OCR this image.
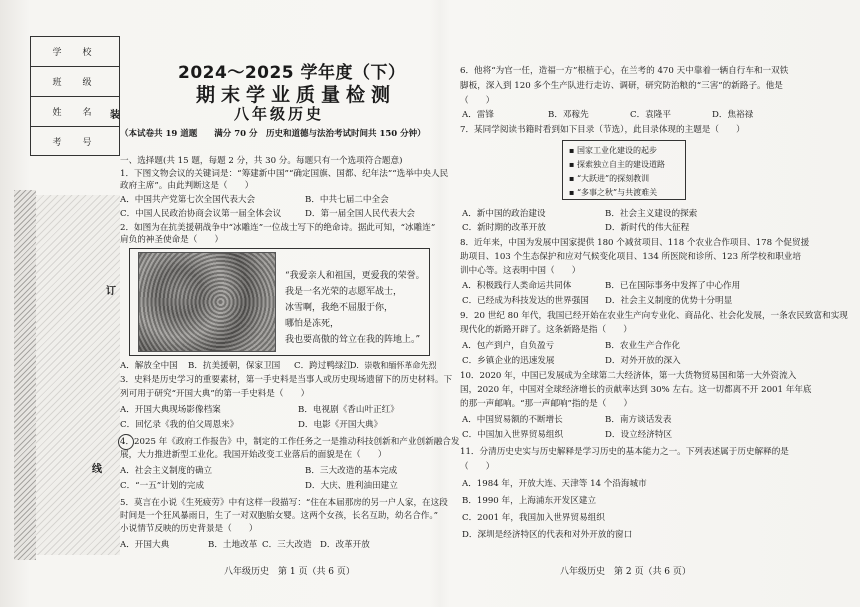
学　校
班　级
姓　名
考　号
装
订
线
2024～2025 学年度（下）
期末学业质量检测
八年级历史
（本试卷共 19 道题　　满分 70 分　历史和道德与法治考试时间共 150 分钟）
一、选择题(共 15 题，每题 2 分，共 30 分。每题只有一个选项符合题意)
1．下图文物会议的关键词是：“筹建新中国”“确定国旗、国都、纪年法”“选举中央人民
政府主席”。由此判断这是（　　）
A．中国共产党第七次全国代表大会	B．中共七届二中全会
C．中国人民政治协商会议第一届全体会议	D．第一届全国人民代表大会
2．如图为在抗美援朝战争中“冰雕连”一位战士写下的绝命诗。据此可知，“冰雕连”
肩负的神圣使命是（　　）
“我爱亲人和祖国，更爱我的荣誉。
我是一名光荣的志愿军战士，
冰雪啊，我绝不屈服于你，
哪怕是冻死，
我也要高傲的耸立在我的阵地上。”
A．解放全中国 B．抗美援朝，保家卫国 C．跨过鸭绿江
D．崇敬和缅怀革命先烈
3．史料是历史学习的重要素材，第一手史料是当事人或历史现场遗留下的历史材料。下
列可用于研究“开国大典”的第一手史料是（　　）
A．开国大典现场影像档案	B．电视剧《香山叶正红》
C．回忆录《我的伯父周恩来》	D．电影《开国大典》
4．2025 年《政府工作报告》中，制定的工作任务之一是推动科技创新和产业创新融合发
展，大力推进新型工业化。我国开始改变工业落后的面貌是在（　　）
A．社会主义制度的确立	B．三大改造的基本完成
C．“一五”计划的完成	D．大庆、胜利油田建立
5．莫言在小说《生死疲劳》中有这样一段描写：“住在本届那房的另一户人家，在这段
时间是一个狂风暴雨日，生了一对双胞胎女婴。这两个女孩，长名互助，幼名合作。”
小说情节反映的历史背景是（　　）
A．开国大典	B．土地改革 C．三大改造 D．改革开放
八年级历史　第 1 页（共 6 页）
6．他将“为官一任，造福一方”根植于心，在兰考的 470 天中靠着一辆自行车和一双铁
脚板，深入到 120 多个生产队进行走访、调研，研究防治粮的“三害”的新路子。他是
（　　）
A．雷锋	B．邓稼先	C．袁隆平	D．焦裕禄
7．某同学阅读书籍时看到如下目录（节选），此目录体现的主题是（　　）
▪ 国家工业化建设的起步
▪ 探索独立自主的建设道路
▪ “大跃进”的探刻教训
▪ “多事之秋”与共渡难关
A．新中国的政治建设	B．社会主义建设的探索
C．新时期的改革开放	D．新时代的伟大征程
8．近年来，中国为发展中国家提供 180 个减贫项目、118 个农业合作项目、178 个促贸援
助项目、103 个生态保护和应对气候变化项目、134 所医院和诊所、123 所学校和职业培
训中心等。这表明中国（　　）
A．积极践行人类命运共同体	B．已在国际事务中发挥了中心作用
C．已经成为科技发达的世界强国 D．社会主义制度的优势十分明显
9．20 世纪 80 年代，我国已经开始在农业生产向专业化、商品化、社会化发展，一条农民致富和实现
现代化的新路开辟了。这条新路是指（　　）
A．包产到户，自负盈亏	B．农业生产合作化
C．乡镇企业的迅速发展	D．对外开放的深入
10．2020 年，中国已发展成为全球第二大经济体，第一大货物贸易国和第一大外资流入
国，2020 年，中国对全球经济增长的贡献率达到 30% 左右。这一切都离不开 2001 年年底
的那一声邮响。“那一声邮响”指的是（　　）
A．中国贸易额的不断增长	B．南方谈话发表
C．中国加入世界贸易组织	D．设立经济特区
11．分清历史史实与历史解释是学习历史的基本能力之一。下列表述属于历史解释的是
（　　）
A．1984 年，开放大连、天津等 14 个沿海城市
B．1990 年，上海浦东开发区建立
C．2001 年，我国加入世界贸易组织
D．深圳是经济特区的代表和对外开放的窗口
八年级历史　第 2 页（共 6 页）
